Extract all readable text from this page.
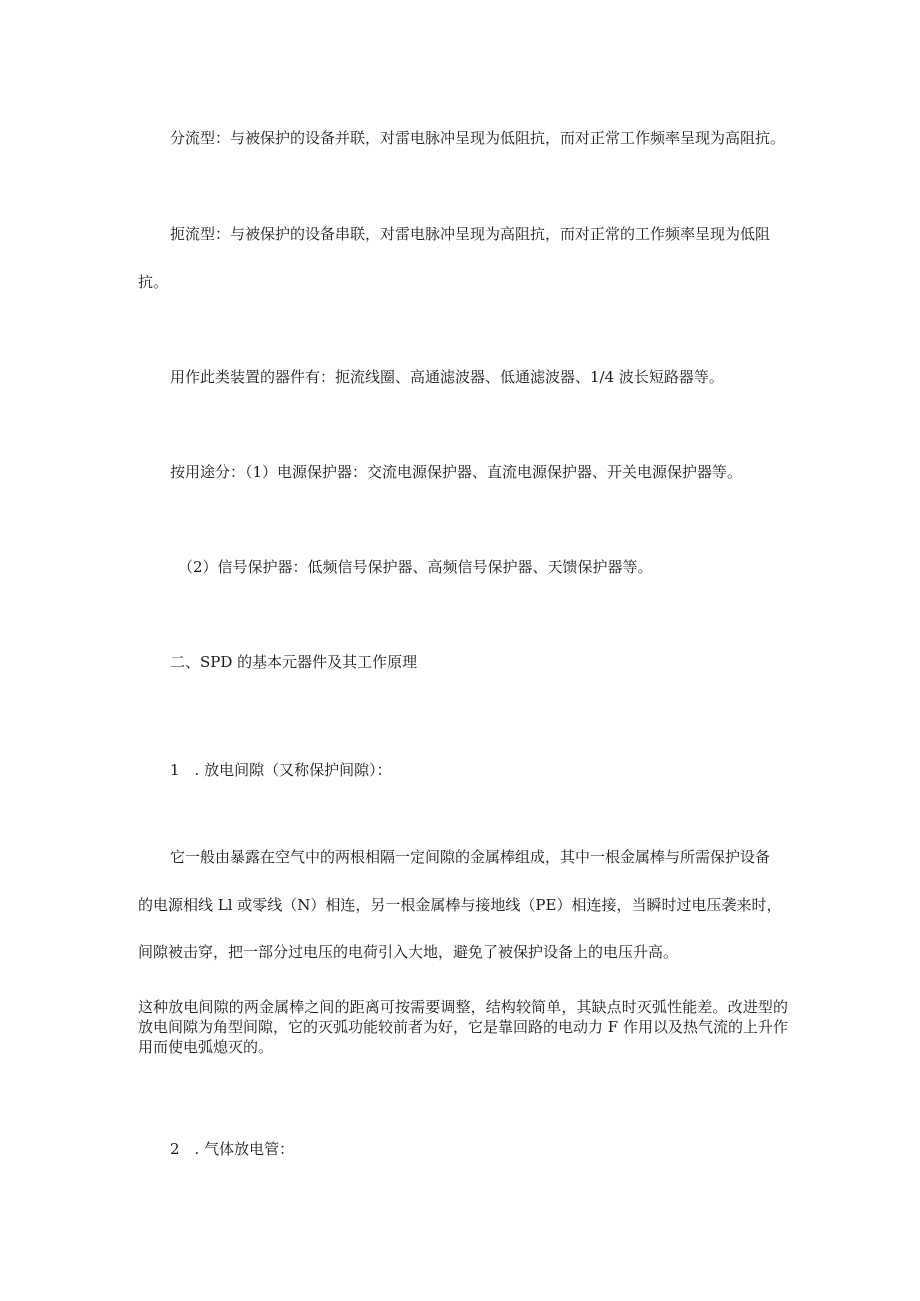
分流型：与被保护的设备并联，对雷电脉冲呈现为低阻抗，而对正常工作频率呈现为高阻抗。

扼流型：与被保护的设备串联，对雷电脉冲呈现为高阻抗，而对正常的工作频率呈现为低阻

抗。

用作此类装置的器件有：扼流线圈、高通滤波器、低通滤波器、1/4 波长短路器等。

按用途分：（1）电源保护器：交流电源保护器、直流电源保护器、开关电源保护器等。

（2）信号保护器：低频信号保护器、高频信号保护器、天馈保护器等。

二、SPD 的基本元器件及其工作原理

1　. 放电间隙（又称保护间隙）：

它一般由暴露在空气中的两根相隔一定间隙的金属棒组成，其中一根金属棒与所需保护设备

的电源相线 Ll 或零线（N）相连，另一根金属棒与接地线（PE）相连接，当瞬时过电压袭来时，

间隙被击穿，把一部分过电压的电荷引入大地，避免了被保护设备上的电压升高。

这种放电间隙的两金属棒之间的距离可按需要调整，结构较简单，其缺点时灭弧性能差。改进型的放电间隙为角型间隙，它的灭弧功能较前者为好，它是靠回路的电动力 F 作用以及热气流的上升作用而使电弧熄灭的。

2　. 气体放电管：
